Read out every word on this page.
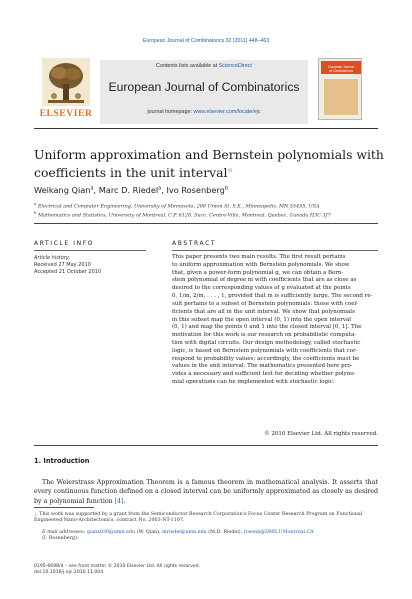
European Journal of Combinatorics 32 (2011) 448–463
ELSEVIER
Contents lists available at ScienceDirect
European Journal of Combinatorics
journal homepage: www.elsevier.com/locate/ejc
European Journal
of Combinatorics
Uniform approximation and Bernstein polynomials with coefficients in the unit interval☆
Weikang Qian$^a$, Marc D. Riedel$^a$, Ivo Rosenberg$^b$
$^a$ Electrical and Computer Engineering, University of Minnesota, 200 Union St. S.E., Minneapolis, MN 55455, USA
$^b$ Mathematics and Statistics, University of Montreal, C.P. 6128, Succ. Centre-Ville, Montreal, Quebec, Canada H3C 3J7
ARTICLE INFO
Article history:
Received 27 May 2010
Accepted 21 October 2010
ABSTRACT
This paper presents two main results. The first result pertains
to uniform approximation with Bernstein polynomials. We show
that, given a power-form polynomial g, we can obtain a Bern-
stein polynomial of degree m with coefficients that are as close as
desired to the corresponding values of g evaluated at the points
0, 1/m, 2/m, . . . , 1, provided that m is sufficiently large. The second re-
sult pertains to a subset of Bernstein polynomials: those with coef-
ficients that are all in the unit interval. We show that polynomials
in this subset map the open interval (0, 1) into the open interval
(0, 1) and map the points 0 and 1 into the closed interval [0, 1]. The
motivation for this work is our research on probabilistic computa-
tion with digital circuits. Our design methodology, called stochastic
logic, is based on Bernstein polynomials with coefficients that cor-
respond to probability values; accordingly, the coefficients must be
values in the unit interval. The mathematics presented here pro-
vides a necessary and sufficient test for deciding whether polyno-
mial operations can be implemented with stochastic logic.
© 2010 Elsevier Ltd. All rights reserved.
1. Introduction
The Weierstrass Approximation Theorem is a famous theorem in mathematical analysis. It asserts that every continuous function defined on a closed interval can be uniformly approximated as closely as desired by a polynomial function [4].
☆ This work was supported by a grant from the Semiconductor Research Corporation's Focus Center Research Program on Functional Engineered Nano-Architectonics, contract No. 2003-NT-1107.
E-mail addresses: qianx030@umn.edu (W. Qian), mriedel@umn.edu (M.D. Riedel), rosenb@DMS.UMontreal.CA
(I. Rosenberg).
0195-6698/$ – see front matter © 2010 Elsevier Ltd. All rights reserved.
doi:10.1016/j.ejc.2010.11.004
